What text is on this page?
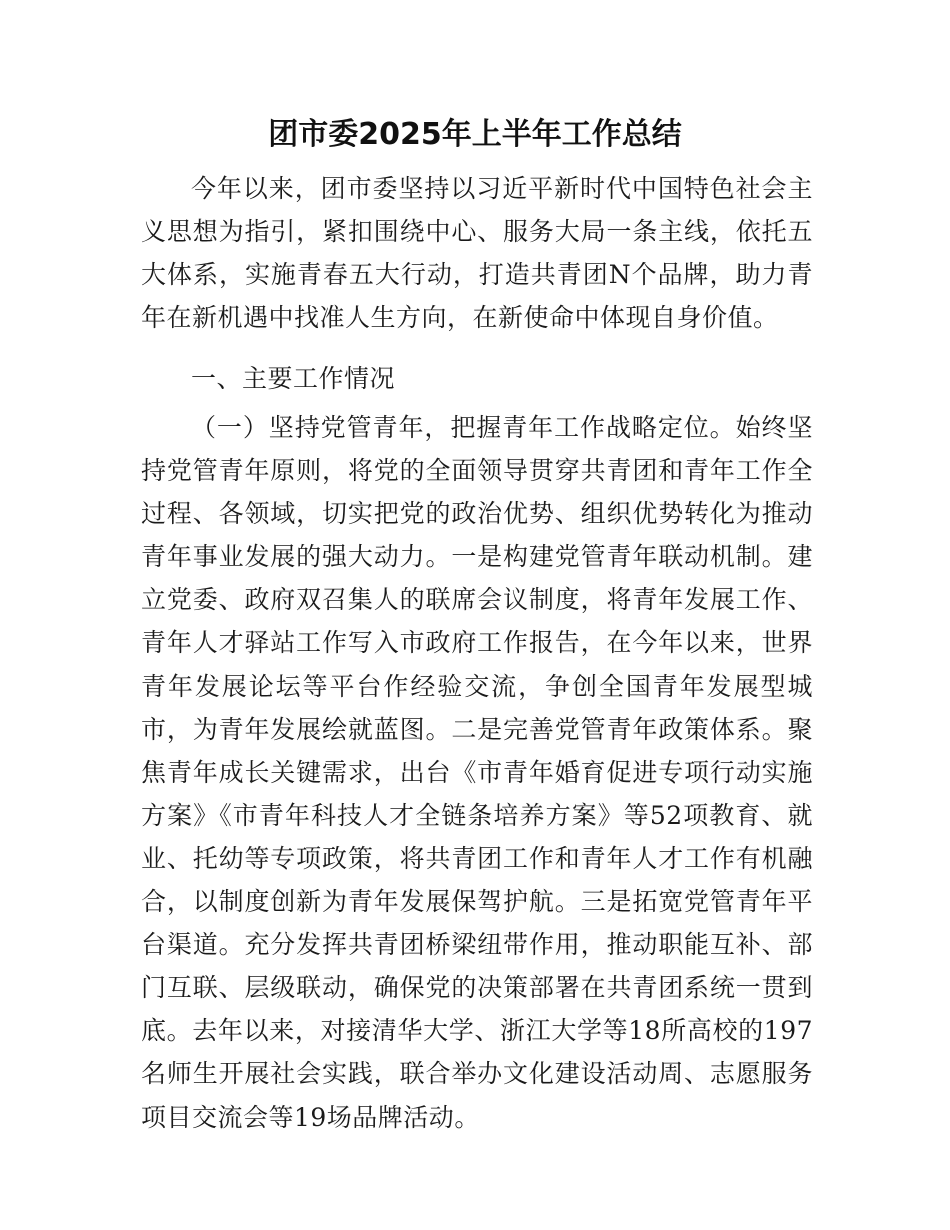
团市委2025年上半年工作总结

今年以来，团市委坚持以习近平新时代中国特色社会主义思想为指引，紧扣围绕中心、服务大局一条主线，依托五大体系，实施青春五大行动，打造共青团N个品牌，助力青年在新机遇中找准人生方向，在新使命中体现自身价值。

一、主要工作情况

（一）坚持党管青年，把握青年工作战略定位。始终坚持党管青年原则，将党的全面领导贯穿共青团和青年工作全过程、各领域，切实把党的政治优势、组织优势转化为推动青年事业发展的强大动力。一是构建党管青年联动机制。建立党委、政府双召集人的联席会议制度，将青年发展工作、青年人才驿站工作写入市政府工作报告，在今年以来，世界青年发展论坛等平台作经验交流，争创全国青年发展型城市，为青年发展绘就蓝图。二是完善党管青年政策体系。聚焦青年成长关键需求，出台《市青年婚育促进专项行动实施方案》《市青年科技人才全链条培养方案》等52项教育、就业、托幼等专项政策，将共青团工作和青年人才工作有机融合，以制度创新为青年发展保驾护航。三是拓宽党管青年平台渠道。充分发挥共青团桥梁纽带作用，推动职能互补、部门互联、层级联动，确保党的决策部署在共青团系统一贯到底。去年以来，对接清华大学、浙江大学等18所高校的197名师生开展社会实践，联合举办文化建设活动周、志愿服务项目交流会等19场品牌活动。
